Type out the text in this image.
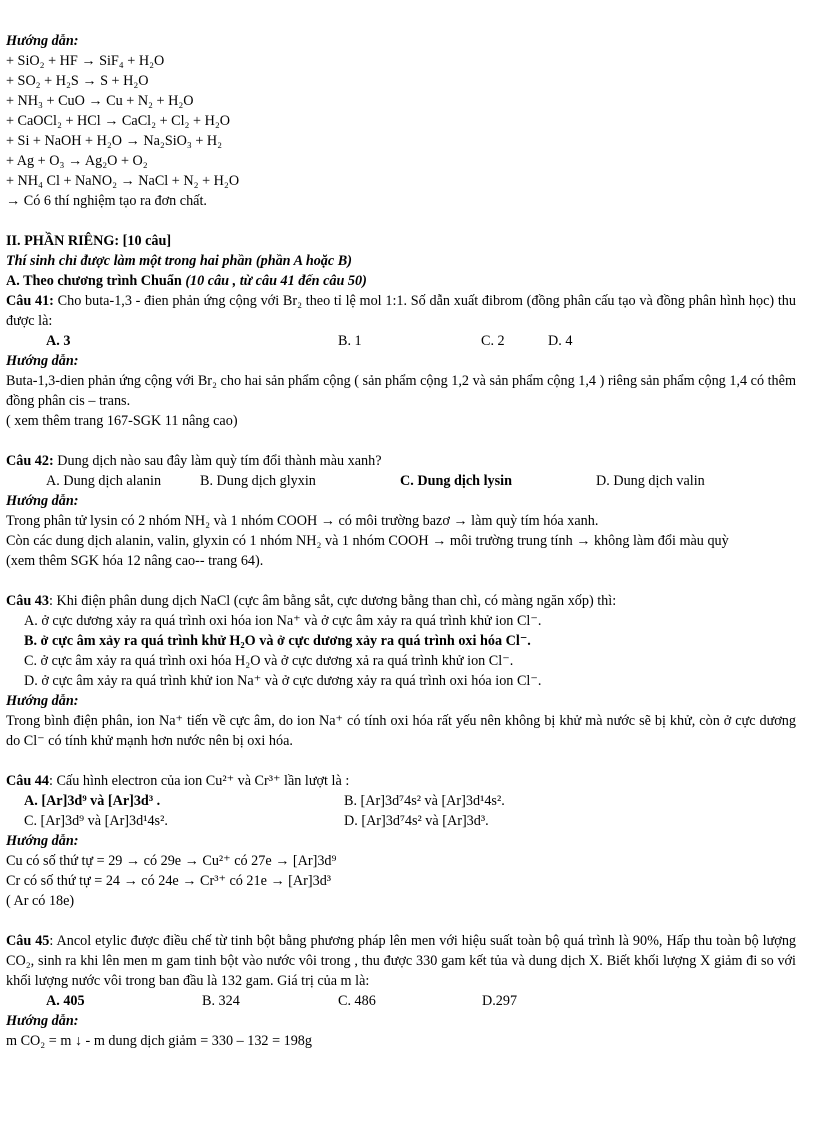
Hướng dẫn:
+ SiO₂ + HF → SiF₄ + H₂O
+ SO₂ + H₂S → S + H₂O
+ NH₃ + CuO → Cu + N₂ + H₂O
+ CaOCl₂ + HCl → CaCl₂ + Cl₂ + H₂O
+ Si + NaOH + H₂O → Na₂SiO₃ + H₂
+ Ag + O₃ → Ag₂O + O₂
+ NH₄ Cl + NaNO₂ → NaCl + N₂ + H₂O
→ Có 6 thí nghiệm tạo ra đơn chất.
II. PHẦN RIÊNG: [10 câu]
Thí sinh chỉ được làm một trong hai phần (phần A hoặc B)
A. Theo chương trình Chuẩn (10 câu , từ câu 41 đến câu 50)
Câu 41: Cho buta-1,3 - đien phản ứng cộng với Br₂ theo tỉ lệ mol 1:1. Số dẫn xuất đibrom (đồng phân cấu tạo và đồng phân hình học) thu được là:
A. 3	B. 1	C. 2	D. 4
Hướng dẫn:
Buta-1,3-dien phản ứng cộng với Br₂ cho hai sản phẩm cộng ( sản phẩm cộng 1,2 và sản phẩm cộng 1,4 ) riêng sản phẩm cộng 1,4 có thêm đồng phân cis – trans.
( xem thêm trang 167-SGK 11 nâng cao)
Câu 42: Dung dịch nào sau đây làm quỳ tím đổi thành màu xanh?
A. Dung dịch alanin	B. Dung dịch glyxin	C. Dung dịch lysin	D. Dung dịch valin
Hướng dẫn:
Trong phân tử lysin có 2 nhóm NH₂ và 1 nhóm COOH → có môi trường bazơ → làm quỳ tím hóa xanh.
Còn các dung dịch alanin, valin, glyxin có 1 nhóm NH₂ và 1 nhóm COOH → môi trường trung tính → không làm đổi màu quỳ
(xem thêm SGK hóa 12 nâng cao-- trang 64).
Câu 43: Khi điện phân dung dịch NaCl (cực âm bằng sắt, cực dương bằng than chì, có màng ngăn xốp) thì:
A. ở cực dương xảy ra quá trình oxi hóa ion Na⁺ và ở cực âm xảy ra quá trình khử ion Cl⁻.
B. ở cực âm xảy ra quá trình khử H₂O và ở cực dương xảy ra quá trình oxi hóa Cl⁻.
C. ở cực âm xảy ra quá trình oxi hóa H₂O và ở cực dương xả ra quá trình khử ion Cl⁻.
D. ở cực âm xảy ra quá trình khử ion Na⁺ và ở cực dương xảy ra quá trình oxi hóa ion Cl⁻.
Hướng dẫn:
Trong bình điện phân, ion Na⁺ tiến về cực âm, do ion Na⁺ có tính oxi hóa rất yếu nên không bị khử mà nước sẽ bị khử, còn ở cực dương do Cl⁻ có tính khử mạnh hơn nước nên bị oxi hóa.
Câu 44: Cấu hình electron của ion Cu²⁺ và Cr³⁺ lần lượt là :
A. [Ar]3d⁹ và [Ar]3d³ .	B. [Ar]3d⁷4s² và [Ar]3d¹4s².
C. [Ar]3d⁹ và [Ar]3d¹4s².	D. [Ar]3d⁷4s² và [Ar]3d³.
Hướng dẫn:
Cu có số thứ tự = 29 → có 29e → Cu²⁺ có 27e → [Ar]3d⁹
Cr có số thứ tự = 24 → có 24e → Cr³⁺ có 21e → [Ar]3d³
( Ar có 18e)
Câu 45: Ancol etylic được điều chế từ tinh bột bằng phương pháp lên men với hiệu suất toàn bộ quá trình là 90%, Hấp thu toàn bộ lượng CO₂, sinh ra khi lên men m gam tinh bột vào nước vôi trong , thu được 330 gam kết tủa và dung dịch X. Biết khối lượng X giảm đi so với khối lượng nước vôi trong ban đầu là 132 gam. Giá trị của m là:
A. 405	B. 324	C. 486	D.297
Hướng dẫn:
m CO₂ = m ↓ - m dung dịch giảm = 330 – 132 = 198g
